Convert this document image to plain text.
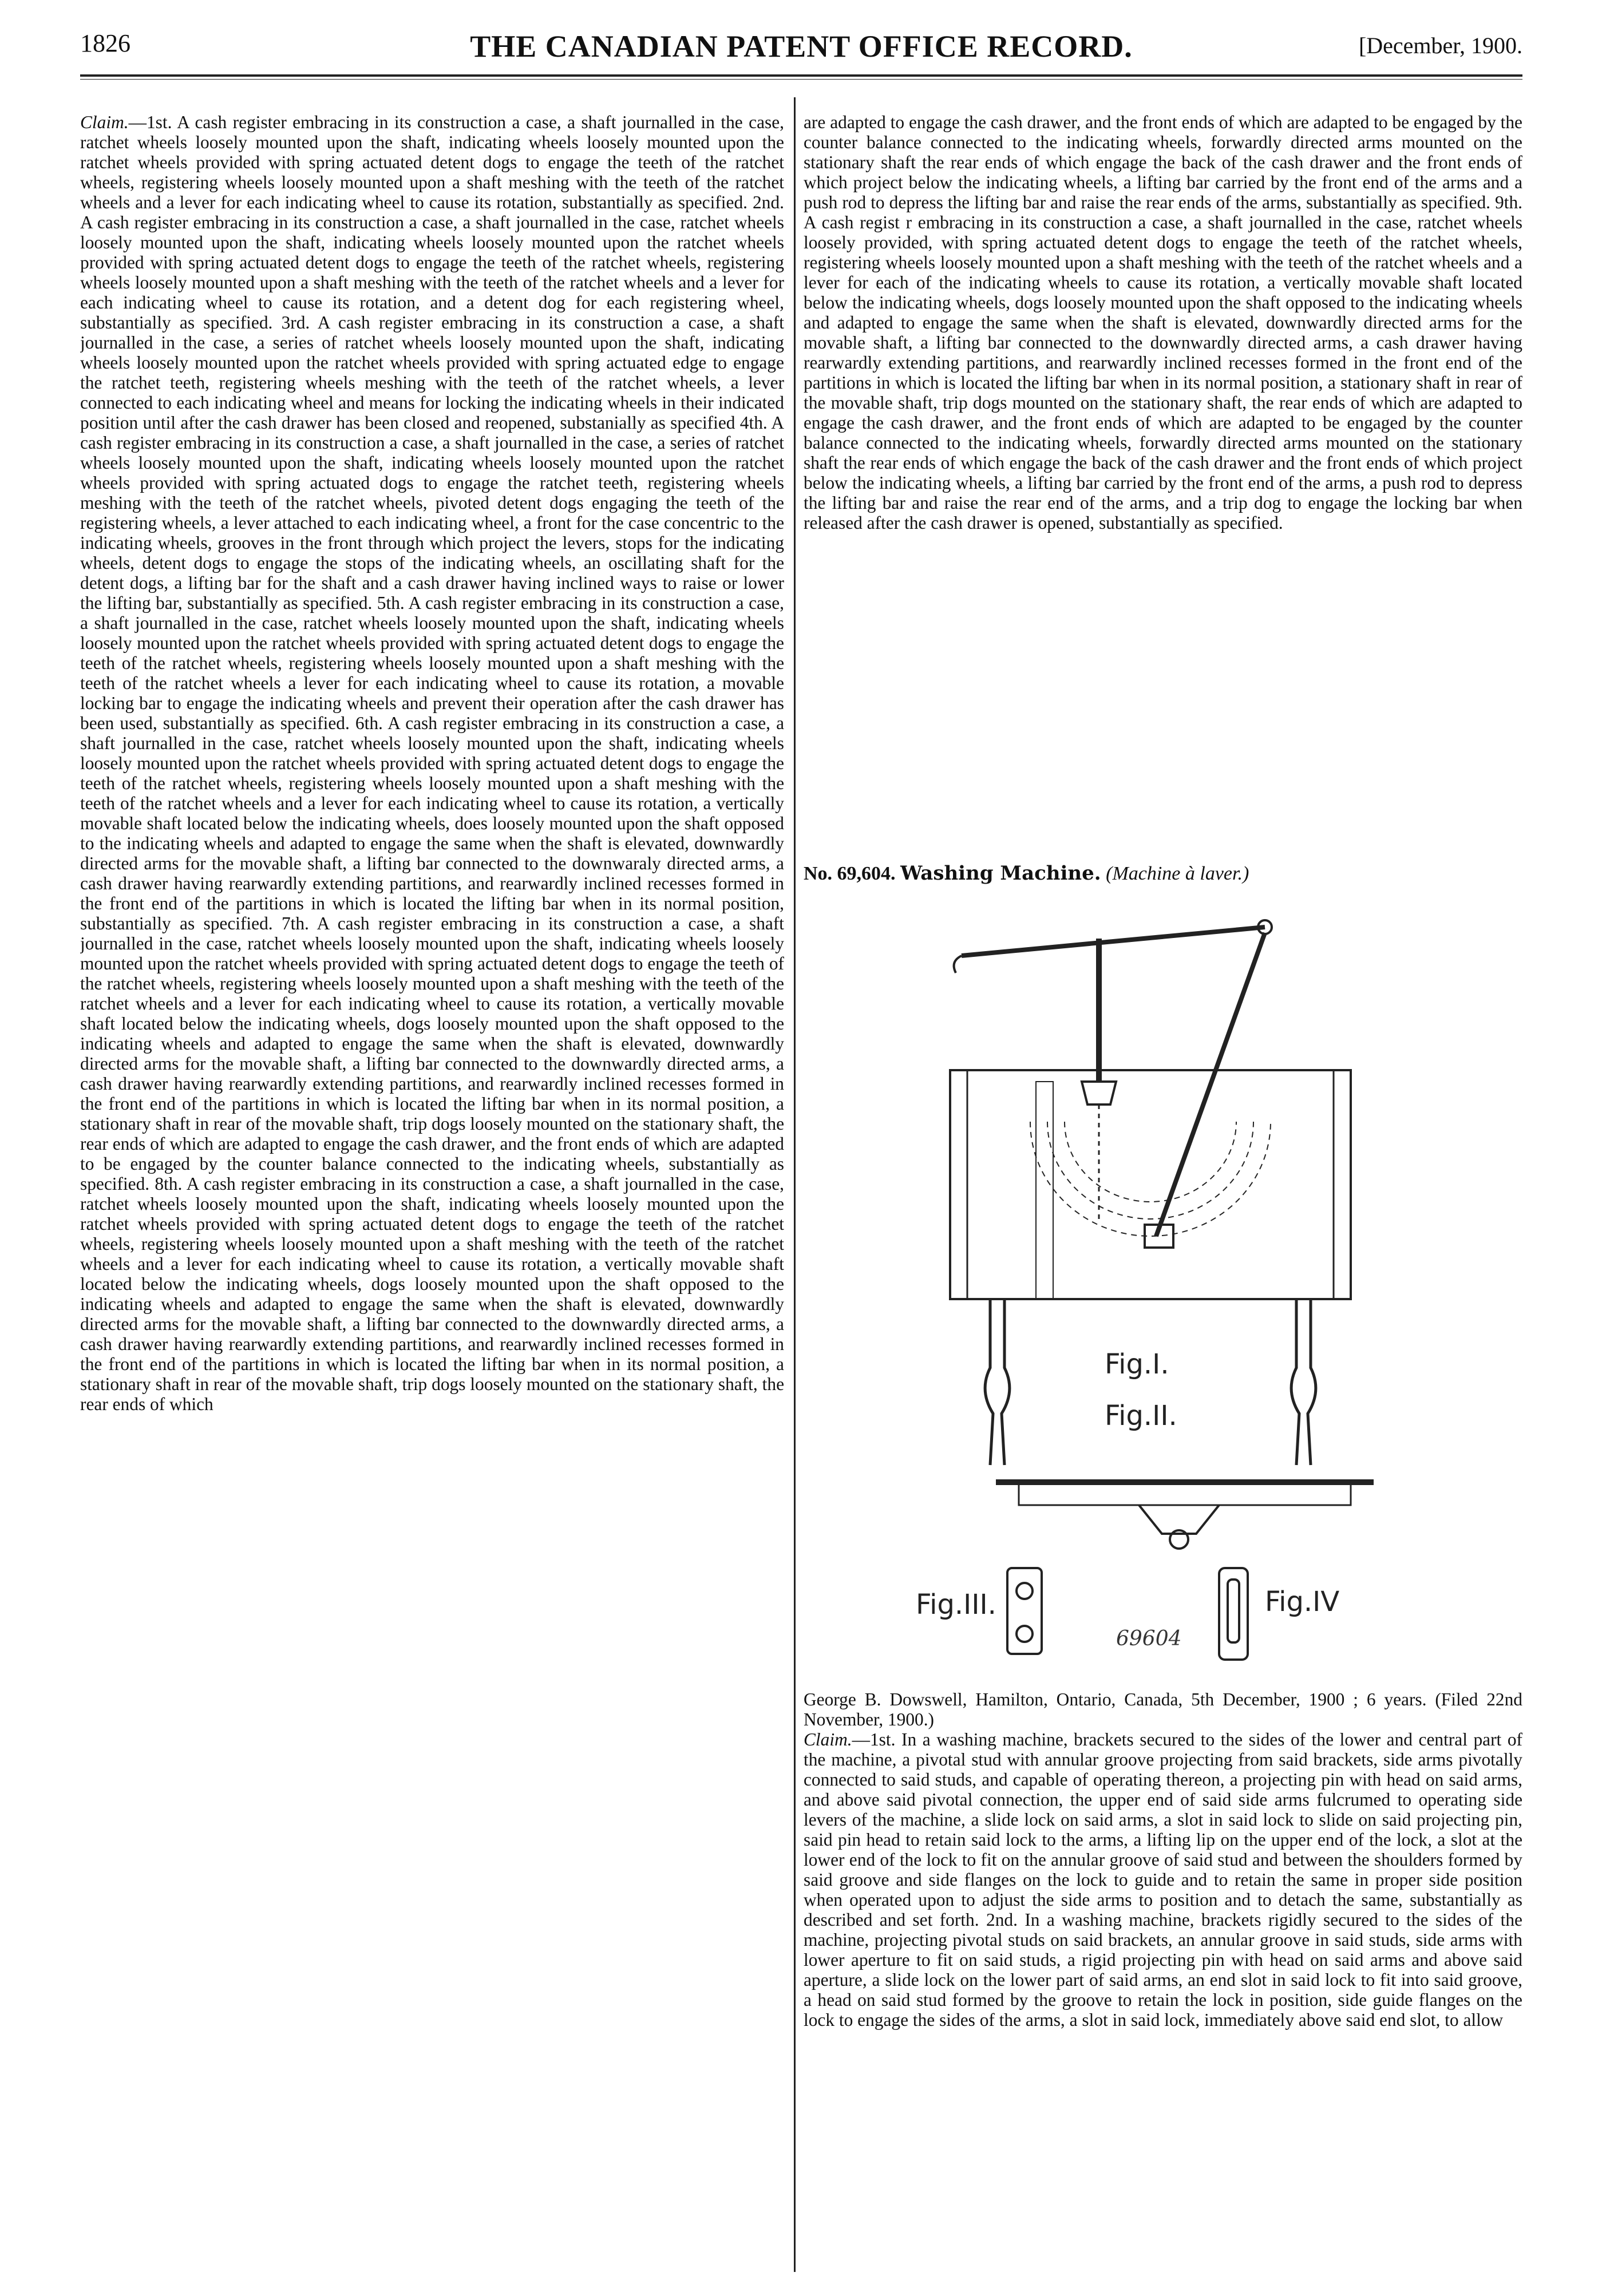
1826	THE CANADIAN PATENT OFFICE RECORD.	[December, 1900.

Claim.—1st. A cash register embracing in its construction a case, a shaft journalled in the case, ratchet wheels loosely mounted upon the shaft, indicating wheels loosely mounted upon the ratchet wheels provided with spring actuated detent dogs to engage the teeth of the ratchet wheels, registering wheels loosely mounted upon a shaft meshing with the teeth of the ratchet wheels and a lever for each indicating wheel to cause its rotation, substantially as specified. 2nd. A cash register embracing in its construction a case, a shaft journalled in the case, ratchet wheels loosely mounted upon the shaft, indicating wheels loosely mounted upon the ratchet wheels provided with spring actuated detent dogs to engage the teeth of the ratchet wheels, registering wheels loosely mounted upon a shaft meshing with the teeth of the ratchet wheels and a lever for each indicating wheel to cause its rotation, and a detent dog for each registering wheel, substantially as specified. 3rd. A cash register embracing in its construction a case, a shaft journalled in the case, a series of ratchet wheels loosely mounted upon the shaft, indicating wheels loosely mounted upon the ratchet wheels provided with spring actuated edge to engage the ratchet teeth, registering wheels meshing with the teeth of the ratchet wheels, a lever connected to each indicating wheel and means for locking the indicating wheels in their indicated position until after the cash drawer has been closed and reopened, substanially as specified 4th. A cash register embracing in its construction a case, a shaft journalled in the case, a series of ratchet wheels loosely mounted upon the shaft, indicating wheels loosely mounted upon the ratchet wheels provided with spring actuated dogs to engage the ratchet teeth, registering wheels meshing with the teeth of the ratchet wheels, pivoted detent dogs engaging the teeth of the registering wheels, a lever attached to each indicating wheel, a front for the case concentric to the indicating wheels, grooves in the front through which project the levers, stops for the indicating wheels, detent dogs to engage the stops of the indicating wheels, an oscillating shaft for the detent dogs, a lifting bar for the shaft and a cash drawer having inclined ways to raise or lower the lifting bar, substantially as specified. 5th. A cash register embracing in its construction a case, a shaft journalled in the case, ratchet wheels loosely mounted upon the shaft, indicating wheels loosely mounted upon the ratchet wheels provided with spring actuated detent dogs to engage the teeth of the ratchet wheels, registering wheels loosely mounted upon a shaft meshing with the teeth of the ratchet wheels a lever for each indicating wheel to cause its rotation, a movable locking bar to engage the indicating wheels and prevent their operation after the cash drawer has been used, substantially as specified. 6th. A cash register embracing in its construction a case, a shaft journalled in the case, ratchet wheels loosely mounted upon the shaft, indicating wheels loosely mounted upon the ratchet wheels provided with spring actuated detent dogs to engage the teeth of the ratchet wheels, registering wheels loosely mounted upon a shaft meshing with the teeth of the ratchet wheels and a lever for each indicating wheel to cause its rotation, a vertically movable shaft located below the indicating wheels, does loosely mounted upon the shaft opposed to the indicating wheels and adapted to engage the same when the shaft is elevated, downwardly directed arms for the movable shaft, a lifting bar connected to the downwaraly directed arms, a cash drawer having rearwardly extending partitions, and rearwardly inclined recesses formed in the front end of the partitions in which is located the lifting bar when in its normal position, substantially as specified. 7th. A cash register embracing in its construction a case, a shaft journalled in the case, ratchet wheels loosely mounted upon the shaft, indicating wheels loosely mounted upon the ratchet wheels provided with spring actuated detent dogs to engage the teeth of the ratchet wheels, registering wheels loosely mounted upon a shaft meshing with the teeth of the ratchet wheels and a lever for each indicating wheel to cause its rotation, a vertically movable shaft located below the indicating wheels, dogs loosely mounted upon the shaft opposed to the indicating wheels and adapted to engage the same when the shaft is elevated, downwardly directed arms for the movable shaft, a lifting bar connected to the downwardly directed arms, a cash drawer having rearwardly extending partitions, and rearwardly inclined recesses formed in the front end of the partitions in which is located the lifting bar when in its normal position, a stationary shaft in rear of the movable shaft, trip dogs loosely mounted on the stationary shaft, the rear ends of which are adapted to engage the cash drawer, and the front ends of which are adapted to be engaged by the counter balance connected to the indicating wheels, substantially as specified. 8th. A cash register embracing in its construction a case, a shaft journalled in the case, ratchet wheels loosely mounted upon the shaft, indicating wheels loosely mounted upon the ratchet wheels provided with spring actuated detent dogs to engage the teeth of the ratchet wheels, registering wheels loosely mounted upon a shaft meshing with the teeth of the ratchet wheels and a lever for each indicating wheel to cause its rotation, a vertically movable shaft located below the indicating wheels, dogs loosely mounted upon the shaft opposed to the indicating wheels and adapted to engage the same when the shaft is elevated, downwardly directed arms for the movable shaft, a lifting bar connected to the downwardly directed arms, a cash drawer having rearwardly extending partitions, and rearwardly inclined recesses formed in the front end of the partitions in which is located the lifting bar when in its normal position, a stationary shaft in rear of the movable shaft, trip dogs loosely mounted on the stationary shaft, the rear ends of which

are adapted to engage the cash drawer, and the front ends of which are adapted to be engaged by the counter balance connected to the indicating wheels, forwardly directed arms mounted on the stationary shaft the rear ends of which engage the back of the cash drawer and the front ends of which project below the indicating wheels, a lifting bar carried by the front end of the arms and a push rod to depress the lifting bar and raise the rear ends of the arms, substantially as specified. 9th. A cash regist r embracing in its construction a case, a shaft journalled in the case, ratchet wheels loosely provided, with spring actuated detent dogs to engage the teeth of the ratchet wheels, registering wheels loosely mounted upon a shaft meshing with the teeth of the ratchet wheels and a lever for each of the indicating wheels to cause its rotation, a vertically movable shaft located below the indicating wheels, dogs loosely mounted upon the shaft opposed to the indicating wheels and adapted to engage the same when the shaft is elevated, downwardly directed arms for the movable shaft, a lifting bar connected to the downwardly directed arms, a cash drawer having rearwardly extending partitions, and rearwardly inclined recesses formed in the front end of the partitions in which is located the lifting bar when in its normal position, a stationary shaft in rear of the movable shaft, trip dogs mounted on the stationary shaft, the rear ends of which are adapted to engage the cash drawer, and the front ends of which are adapted to be engaged by the counter balance connected to the indicating wheels, forwardly directed arms mounted on the stationary shaft the rear ends of which engage the back of the cash drawer and the front ends of which project below the indicating wheels, a lifting bar carried by the front end of the arms, a push rod to depress the lifting bar and raise the rear end of the arms, and a trip dog to engage the locking bar when released after the cash drawer is opened, substantially as specified.

No. 69,604. Washing Machine. (Machine à laver.)
Fig.I.
Fig.II.
Fig.III.	Fig.IV
69604

George B. Dowswell, Hamilton, Ontario, Canada, 5th December, 1900 ; 6 years. (Filed 22nd November, 1900.)

Claim.—1st. In a washing machine, brackets secured to the sides of the lower and central part of the machine, a pivotal stud with annular groove projecting from said brackets, side arms pivotally connected to said studs, and capable of operating thereon, a projecting pin with head on said arms, and above said pivotal connection, the upper end of said side arms fulcrumed to operating side levers of the machine, a slide lock on said arms, a slot in said lock to slide on said projecting pin, said pin head to retain said lock to the arms, a lifting lip on the upper end of the lock, a slot at the lower end of the lock to fit on the annular groove of said stud and between the shoulders formed by said groove and side flanges on the lock to guide and to retain the same in proper side position when operated upon to adjust the side arms to position and to detach the same, substantially as described and set forth. 2nd. In a washing machine, brackets rigidly secured to the sides of the machine, projecting pivotal studs on said brackets, an annular groove in said studs, side arms with lower aperture to fit on said studs, a rigid projecting pin with head on said arms and above said aperture, a slide lock on the lower part of said arms, an end slot in said lock to fit into said groove, a head on said stud formed by the groove to retain the lock in position, side guide flanges on the lock to engage the sides of the arms, a slot in said lock, immediately above said end slot, to allow
